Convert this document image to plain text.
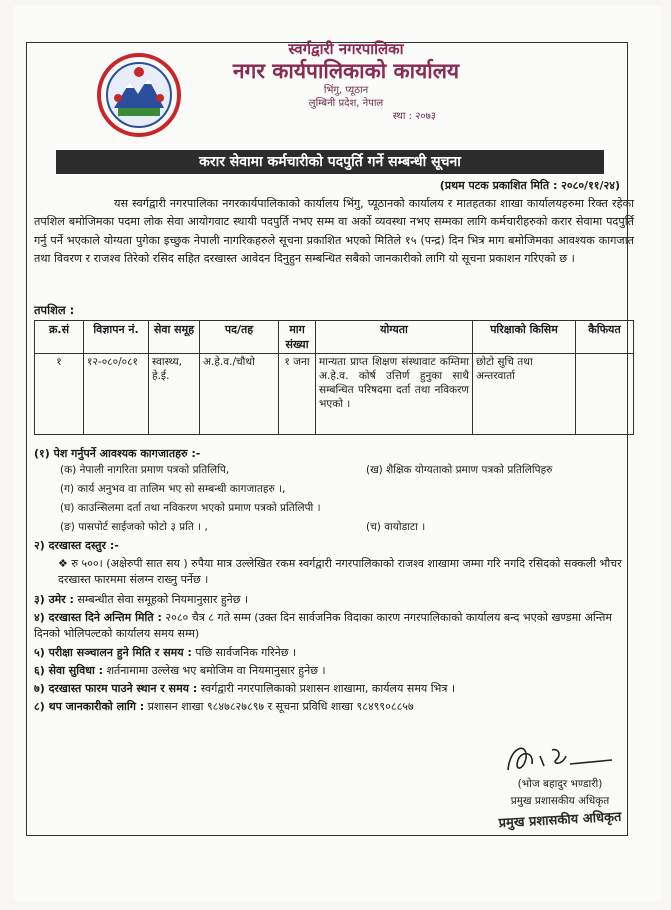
स्वर्गद्वारी नगरपालिका
नगर कार्यपालिकाको कार्यालय
भिंगु, प्यूठान
लुम्बिनी प्रदेश, नेपाल
स्था : २०७३
करार सेवामा कर्मचारीको पदपुर्ति गर्ने सम्बन्धी सूचना
(प्रथम पटक प्रकाशित मिति : २०८०/११/२४)
यस स्वर्गद्वारी नगरपालिका नगरकार्यपालिकाको कार्यालय भिंगु, प्यूठानको कार्यालय र मातहतका शाखा कार्यालयहरुमा रिक्त रहेका तपशिल बमोजिमका पदमा लोक सेवा आयोगवाट स्थायी पदपुर्ति नभए सम्म वा अर्को व्यवस्था नभए सम्मका लागि कर्मचारीहरुको करार सेवामा पदपुर्ति गर्नु पर्ने भएकाले योग्यता पुगेका इच्छुक नेपाली नागरिकहरुले सूचना प्रकाशित भएको मितिले १५ (पन्द्र) दिन भित्र माग बमोजिमका आवश्यक कागजात तथा विवरण र राजश्व तिरेको रसिद सहित दरखास्त आवेदन दिनुहुन सम्बन्धित सबैको जानकारीको लागि यो सूचना प्रकाशन गरिएको छ ।
तपशिल :
क्र.सं	विज्ञापन नं.	सेवा समूह	पद/तह	माग संख्या	योग्यता	परिक्षाको किसिम	कैफियत
१	१२-०८०/०८१	स्वास्थ्य, हे.ई.	अ.हे.व./चौथो	१ जना	मान्यता प्राप्त शिक्षण संस्थावाट कम्तिमा अ.हे.व. कोर्ष उत्तिर्ण हुनुका साथै सम्बन्धित परिषदमा दर्ता तथा नविकरण भएको ।	छोटो सुचि तथा अन्तरवार्ता	
(१) पेश गर्नुपर्ने आवश्यक कागजातहरु :-
(क) नेपाली नागरिता प्रमाण पत्रको प्रतिलिपि,	(ख) शैक्षिक योग्यताको प्रमाण पत्रको प्रतिलिपिहरु
(ग) कार्य अनुभव वा तालिम भए सो सम्बन्धी कागजातहरु ।,
(घ) काउन्सिलमा दर्ता तथा नविकरण भएको प्रमाण पत्रको प्रतिलिपी ।
(ङ) पासपोर्ट साईजको फोटो ३ प्रति । ,	(च) वायोडाटा ।
२) दरखास्त दस्तुर :-
❖ रु ५००। (अक्षेरुपी सात सय ) रुपैया मात्र उल्लेखित रकम स्वर्गद्वारी नगरपालिकाको राजश्व शाखामा जम्मा गरि नगदि रसिदको सक्कली भौचर दरखास्त फारममा संलग्न राख्नु पर्नेछ ।
३) उमेर : सम्बन्धीत सेवा समूहको नियमानुसार हुनेछ ।
४) दरखास्त दिने अन्तिम मिति : २०८० चैत्र ८ गते सम्म (उक्त दिन सार्वजनिक विदाका कारण नगरपालिकाको कार्यालय बन्द भएको खण्डमा अन्तिम दिनको भोलिपल्टको कार्यालय समय सम्म)
५) परीक्षा सञ्चालन हुने मिति र समय : पछि सार्वजनिक गरिनेछ ।
६) सेवा सुविधा : शर्तनामामा उल्लेख भए बमोजिम वा नियमानुसार हुनेछ ।
७) दरखास्त फारम पाउने स्थान र समय : स्वर्गद्वारी नगरपालिकाको प्रशासन शाखामा, कार्यलय समय भित्र ।
८) थप जानकारीको लागि : प्रशासन शाखा ९८४७८२७८९७ र सूचना प्रविधि शाखा ९८४९९०८८५७
(भोज बहादुर भण्डारी)
प्रमुख प्रशासकीय अधिकृत
प्रमुख प्रशासकीय अधिकृत
